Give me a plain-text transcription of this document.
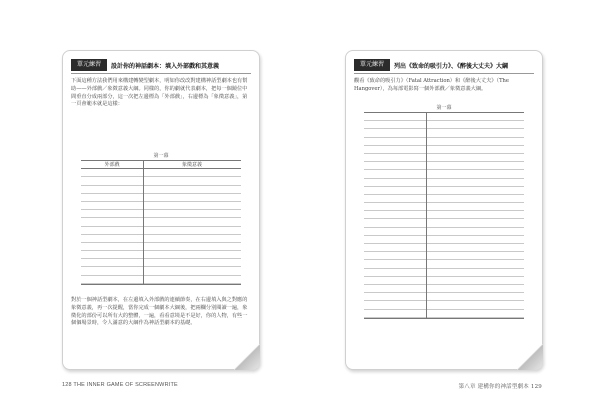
單元練習	設計你的神話劇本：填入外部戲和其意義

下面這種方法我們用來構建轉變型劇本，明如你改改對建構神話型劇本也有幫助——外部戲／象徵意義大綱。同樣的，你的劇就代表劇本，把每一個鏡位中間垂直分成兩部分，這一次把左邊標為「外部戲」，右邊標為「象徵意義」，第一頁會範本就是這樣：

第一幕
外部戲	象徵意義

對於一個神話型劇本，在左邊填入外部戲的連續節奏，在右邊填入與之對應的象徵意義，再一次提醒，當你完成一個劇本大綱後，把兩欄分別閱讀一遍，象徵化的部份可以所有大的整體，一遍，看看意境是不是好，你的人物，有些一個個場景時，令人滿意的大綱作為神話型劇本的基礎。

單元練習	列出《致命的吸引力》、《醉後大丈夫》大綱

觀看《致命的吸引力》（Fatal Attraction）和《醉後大丈夫》（The Hangover），為每部電影寫一個外部戲／象徵意義大綱。

第一幕
128 THE INNER GAME OF SCREENWRITE	第八章 建構你的神話型劇本 129
